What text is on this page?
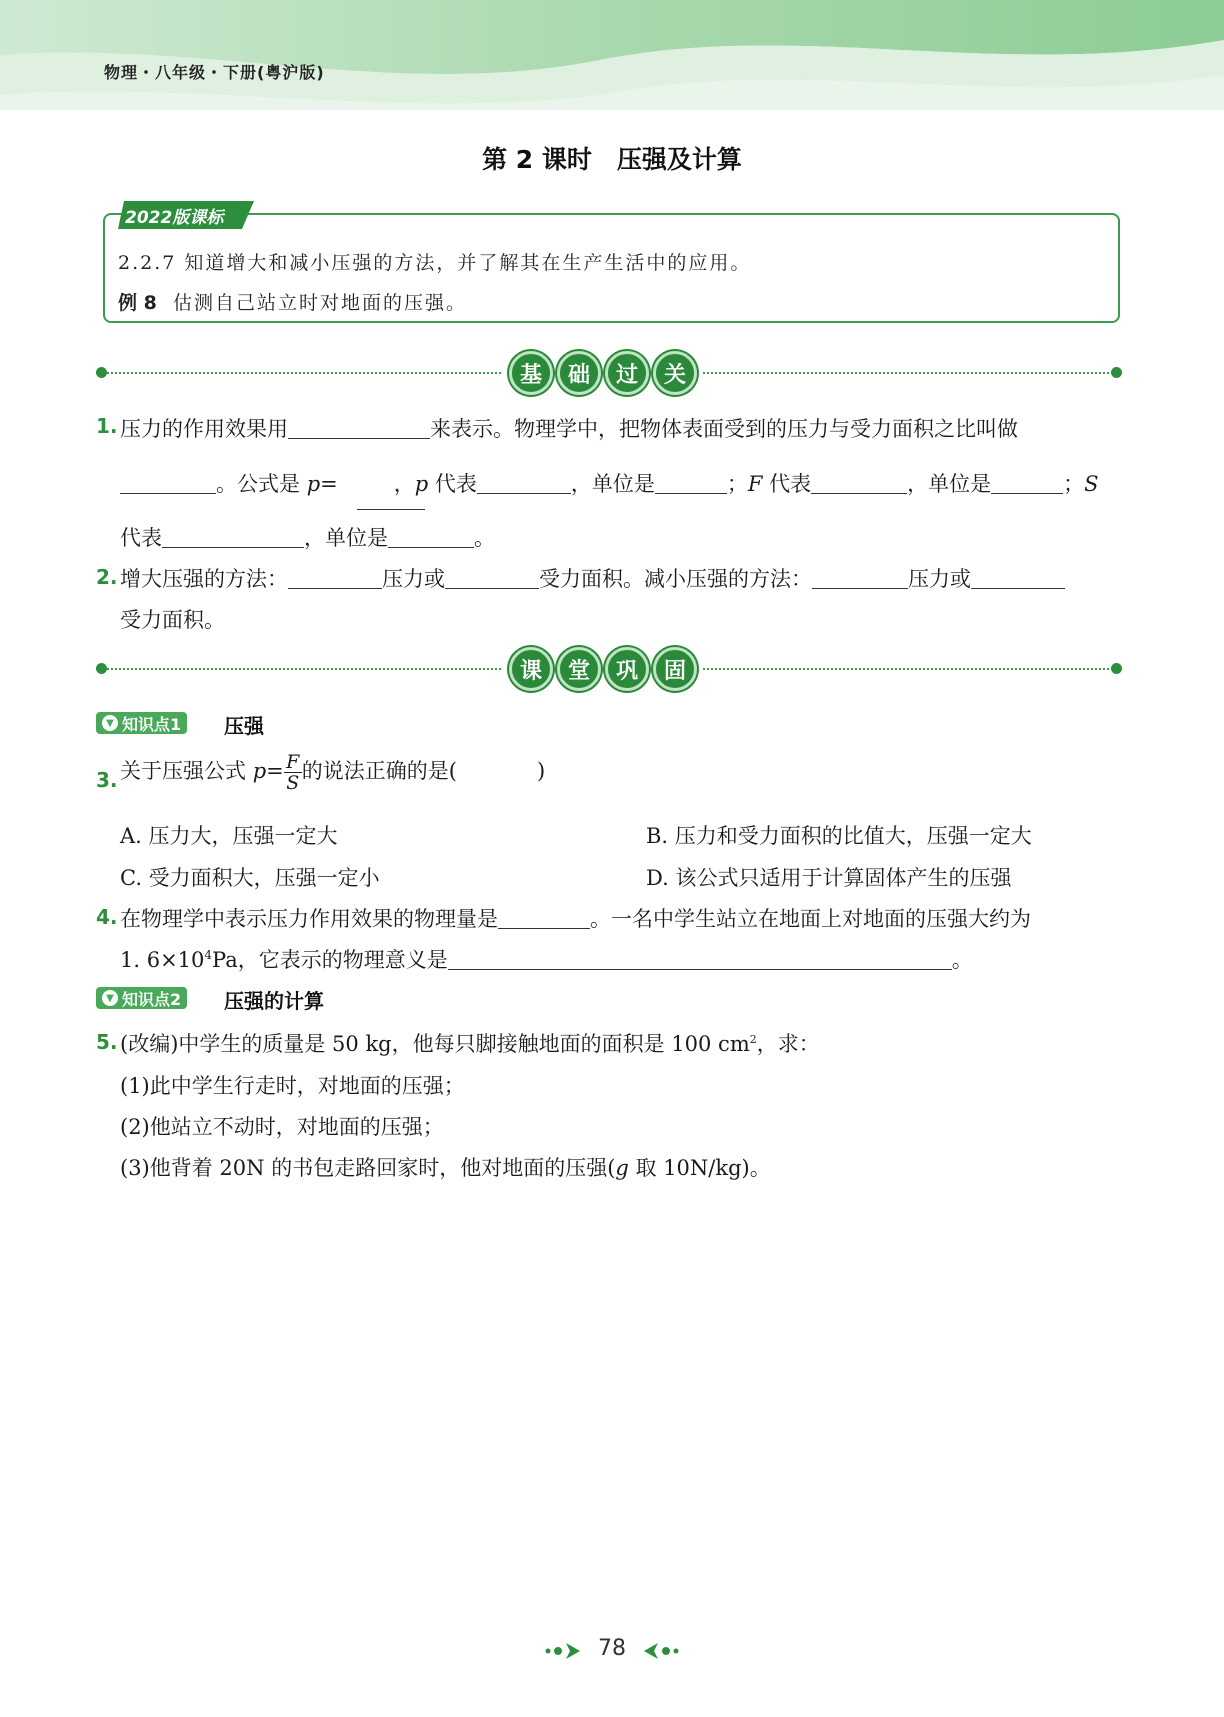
物理・八年级・下册(粤沪版)
第 2 课时　压强及计算
2022版课标
2.2.7 知道增大和减小压强的方法，并了解其在生产生活中的应用。
例 8 估测自己站立时对地面的压强。
基	础	过	关
1. 压力的作用效果用	来表示。物理学中，把物体表面受到的压力与受力面积之比叫做
。公式是 p=	，p 代表	，单位是	；F 代表	，单位是	；S
代表	，单位是	。
2. 增大压强的方法：	压力或	受力面积。减小压强的方法：	压力或
受力面积。
课	堂	巩	固
▼ 知识点1 压强
3. 关于压强公式 $p= \frac{F}{S}$ 的说法正确的是(	)
A. 压力大，压强一定大	B. 压力和受力面积的比值大，压强一定大
C. 受力面积大，压强一定小	D. 该公式只适用于计算固体产生的压强
4. 在物理学中表示压力作用效果的物理量是	。一名中学生站立在地面上对地面的压强大约为
1. $6\times 10^4Pa$，它表示的物理意义是	。
▼ 知识点2 压强的计算
5. (改编)中学生的质量是 50 kg，他每只脚接触地面的面积是 100 $cm^2$，求：
(1)此中学生行走时，对地面的压强；
(2)他站立不动时，对地面的压强；
(3)他背着 20N 的书包走路回家时，他对地面的压强(g 取 10N/kg)。
78
